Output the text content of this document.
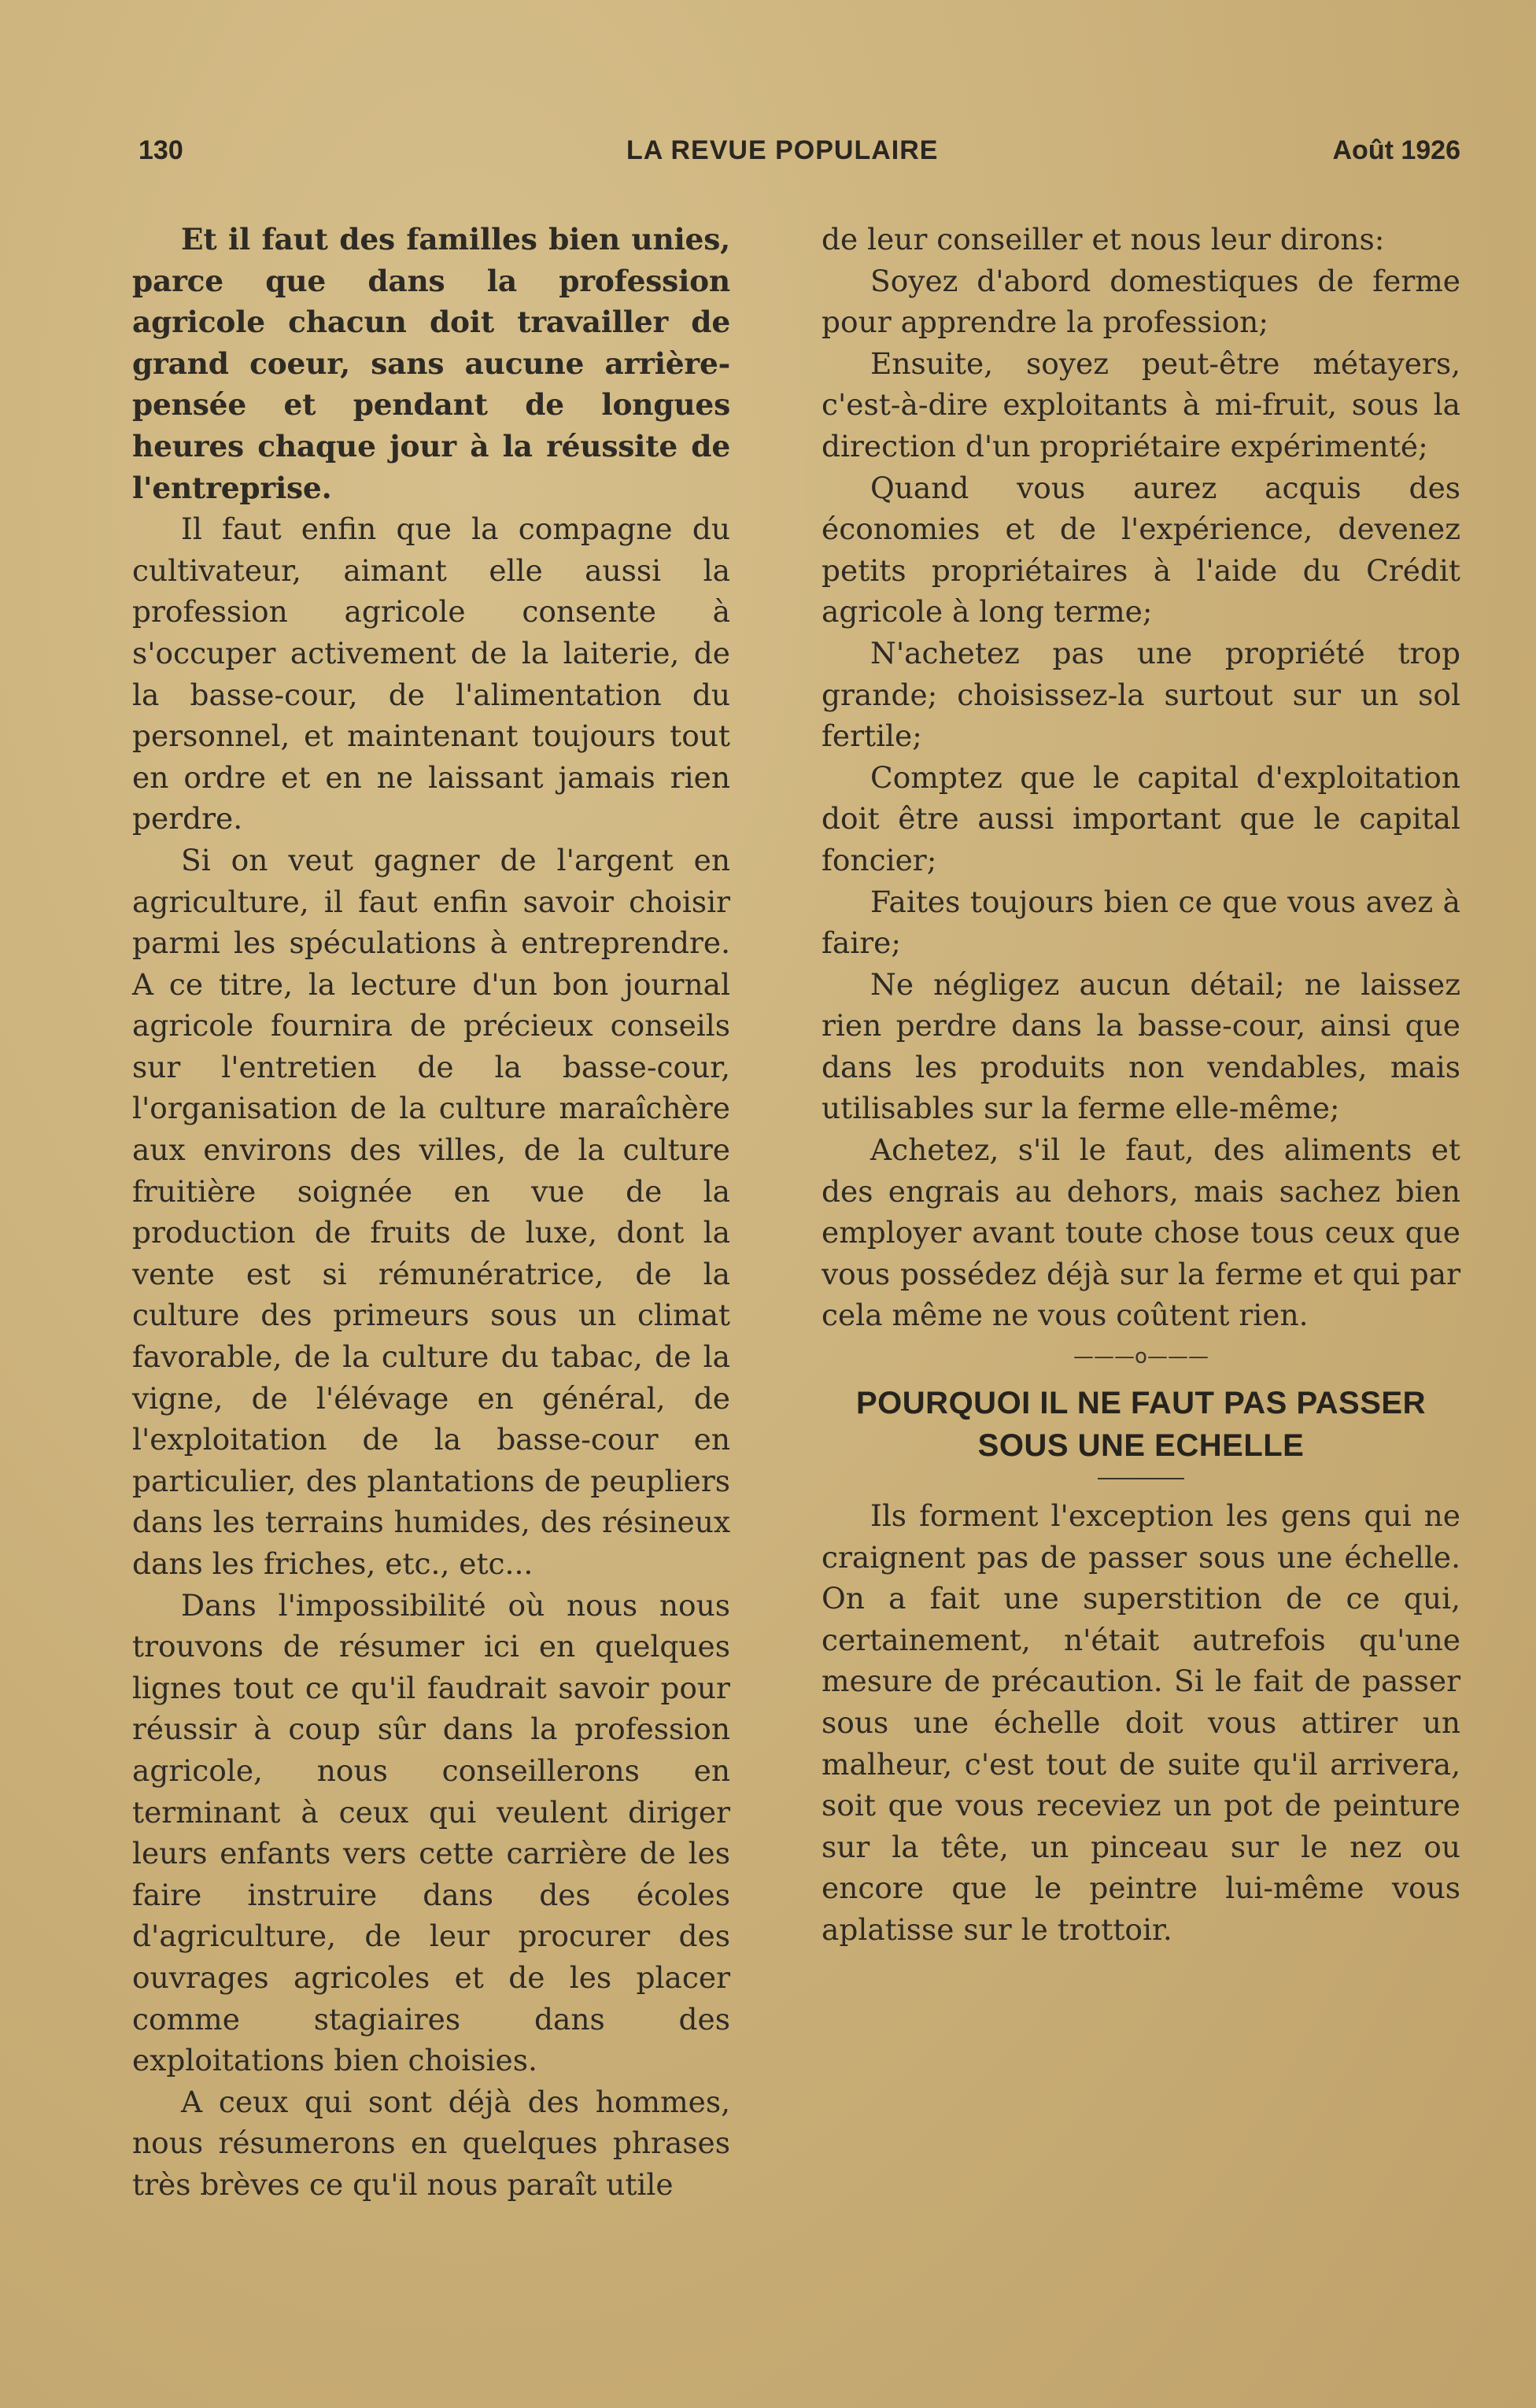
130	LA REVUE POPULAIRE	Août 1926

Et il faut des familles bien unies, parce que dans la profession agricole chacun doit travailler de grand coeur, sans aucune arrière-pensée et pendant de longues heures chaque jour à la réussite de l'entreprise.

Il faut enfin que la compagne du cultivateur, aimant elle aussi la profession agricole consente à s'occuper activement de la laiterie, de la basse-cour, de l'alimentation du personnel, et maintenant toujours tout en ordre et en ne laissant jamais rien perdre.

Si on veut gagner de l'argent en agriculture, il faut enfin savoir choisir parmi les spéculations à entreprendre. A ce titre, la lecture d'un bon journal agricole fournira de précieux conseils sur l'entretien de la basse-cour, l'organisation de la culture maraîchère aux environs des villes, de la culture fruitière soignée en vue de la production de fruits de luxe, dont la vente est si rémunératrice, de la culture des primeurs sous un climat favorable, de la culture du tabac, de la vigne, de l'élévage en général, de l'exploitation de la basse-cour en particulier, des plantations de peupliers dans les terrains humides, des résineux dans les friches, etc., etc...

Dans l'impossibilité où nous nous trouvons de résumer ici en quelques lignes tout ce qu'il faudrait savoir pour réussir à coup sûr dans la profession agricole, nous conseillerons en terminant à ceux qui veulent diriger leurs enfants vers cette carrière de les faire instruire dans des écoles d'agriculture, de leur procurer des ouvrages agricoles et de les placer comme stagiaires dans des exploitations bien choisies.

A ceux qui sont déjà des hommes, nous résumerons en quelques phrases très brèves ce qu'il nous paraît utile

de leur conseiller et nous leur dirons:

Soyez d'abord domestiques de ferme pour apprendre la profession;

Ensuite, soyez peut-être métayers, c'est-à-dire exploitants à mi-fruit, sous la direction d'un propriétaire expérimenté;

Quand vous aurez acquis des économies et de l'expérience, devenez petits propriétaires à l'aide du Crédit agricole à long terme;

N'achetez pas une propriété trop grande; choisissez-la surtout sur un sol fertile;

Comptez que le capital d'exploitation doit être aussi important que le capital foncier;

Faites toujours bien ce que vous avez à faire;

Ne négligez aucun détail; ne laissez rien perdre dans la basse-cour, ainsi que dans les produits non vendables, mais utilisables sur la ferme elle-même;

Achetez, s'il le faut, des aliments et des engrais au dehors, mais sachez bien employer avant toute chose tous ceux que vous possédez déjà sur la ferme et qui par cela même ne vous coûtent rien.

———o———
POURQUOI IL NE FAUT PAS PASSER SOUS UNE ECHELLE

Ils forment l'exception les gens qui ne craignent pas de passer sous une échelle. On a fait une superstition de ce qui, certainement, n'était autrefois qu'une mesure de précaution. Si le fait de passer sous une échelle doit vous attirer un malheur, c'est tout de suite qu'il arrivera, soit que vous receviez un pot de peinture sur la tête, un pinceau sur le nez ou encore que le peintre lui-même vous aplatisse sur le trottoir.
